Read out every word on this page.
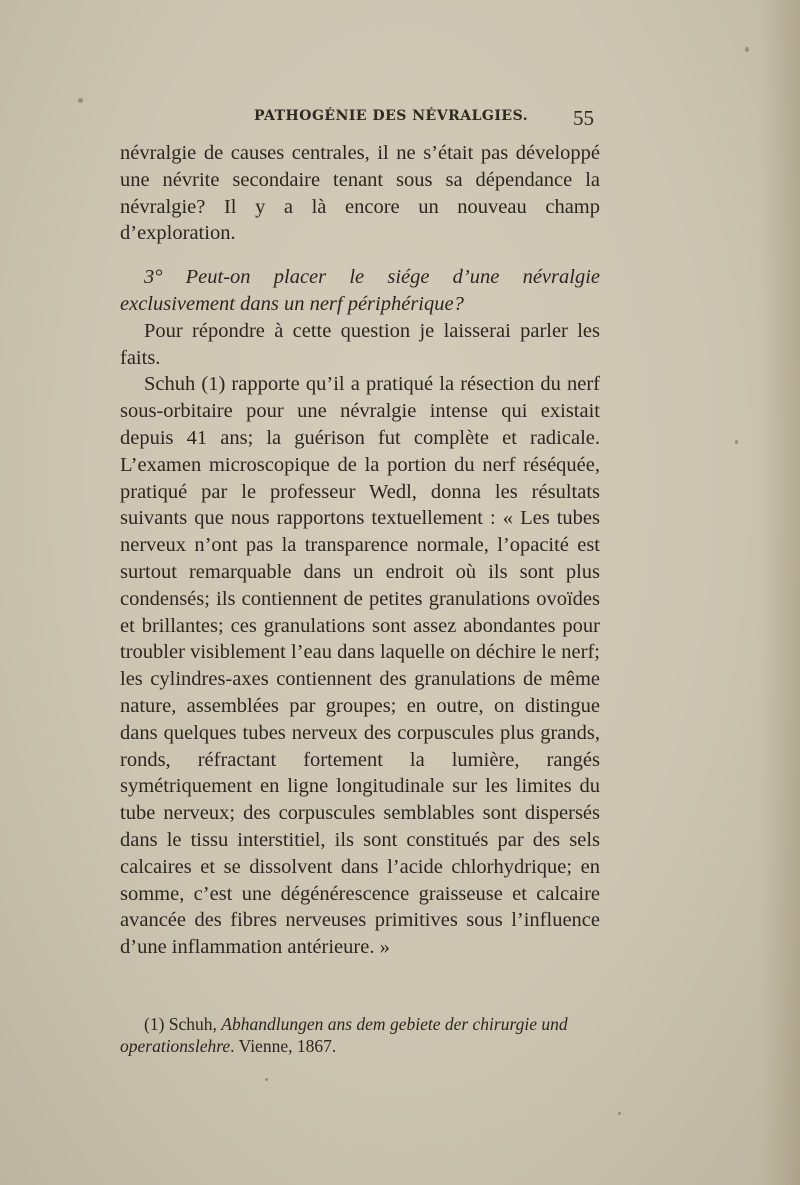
PATHOGÉNIE DES NÉVRALGIES. 55

névralgie de causes centrales, il ne s’était pas développé une névrite secondaire tenant sous sa dépendance la névralgie? Il y a là encore un nouveau champ d’exploration.

3° Peut-on placer le siége d’une névralgie exclusivement dans un nerf périphérique?

Pour répondre à cette question je laisserai parler les faits.

Schuh (1) rapporte qu’il a pratiqué la résection du nerf sous-orbitaire pour une névralgie intense qui existait depuis 41 ans; la guérison fut complète et radicale. L’examen microscopique de la portion du nerf réséquée, pratiqué par le professeur Wedl, donna les résultats suivants que nous rapportons textuellement : « Les tubes nerveux n’ont pas la transparence normale, l’opacité est surtout remarquable dans un endroit où ils sont plus condensés; ils contiennent de petites granulations ovoïdes et brillantes; ces granulations sont assez abondantes pour troubler visiblement l’eau dans laquelle on déchire le nerf; les cylindres-axes contiennent des granulations de même nature, assemblées par groupes; en outre, on distingue dans quelques tubes nerveux des corpuscules plus grands, ronds, réfractant fortement la lumière, rangés symétriquement en ligne longitudinale sur les limites du tube nerveux; des corpuscules semblables sont dispersés dans le tissu interstitiel, ils sont constitués par des sels calcaires et se dissolvent dans l’acide chlorhydrique; en somme, c’est une dégénérescence graisseuse et calcaire avancée des fibres nerveuses primitives sous l’influence d’une inflammation antérieure. »

(1) Schuh, Abhandlungen ans dem gebiete der chirurgie und operationslehre. Vienne, 1867.
